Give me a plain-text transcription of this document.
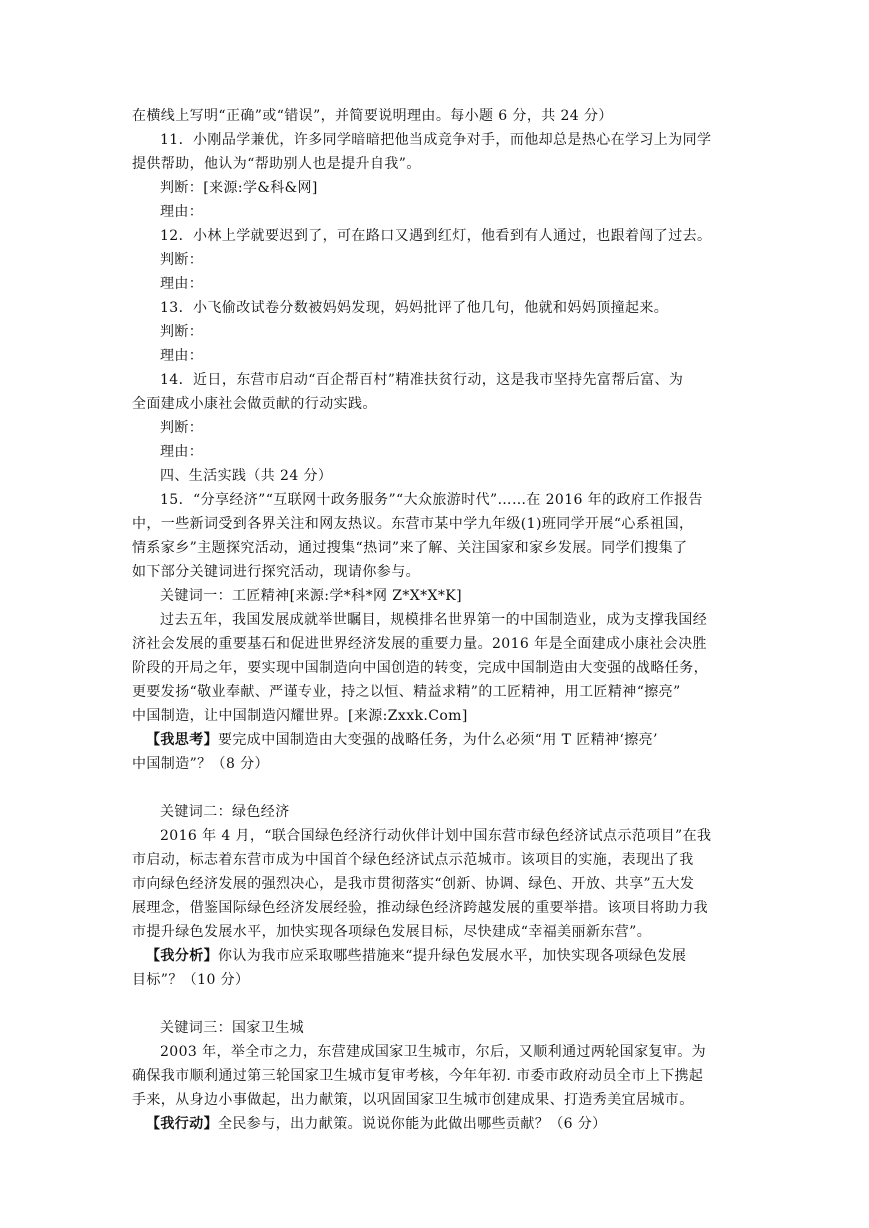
在横线上写明“正确”或“错误”，并简要说明理由。每小题 6 分，共 24 分）
11．小刚品学兼优，许多同学暗暗把他当成竞争对手，而他却总是热心在学习上为同学
提供帮助，他认为“帮助别人也是提升自我”。
判断：[来源:学&科&网]
理由：
12．小林上学就要迟到了，可在路口又遇到红灯，他看到有人通过，也跟着闯了过去。
判断：
理由：
13．小飞偷改试卷分数被妈妈发现，妈妈批评了他几句，他就和妈妈顶撞起来。
判断：
理由：
14．近日，东营市启动“百企帮百村”精准扶贫行动，这是我市坚持先富帮后富、为
全面建成小康社会做贡献的行动实践。
判断：
理由：
四、生活实践（共 24 分）
15．“分享经济”“互联网十政务服务”“大众旅游时代”……在 2016 年的政府工作报告
中，一些新词受到各界关注和网友热议。东营市某中学九年级(1)班同学开展“心系祖国，
情系家乡”主题探究活动，通过搜集“热词”来了解、关注国家和家乡发展。同学们搜集了
如下部分关键词进行探究活动，现请你参与。
关键词一：工匠精神[来源:学*科*网 Z*X*X*K]
过去五年，我国发展成就举世瞩目，规模排名世界第一的中国制造业，成为支撑我国经
济社会发展的重要基石和促进世界经济发展的重要力量。2016 年是全面建成小康社会决胜
阶段的开局之年，要实现中国制造向中国创造的转变，完成中国制造由大变强的战略任务，
更要发扬“敬业奉献、严谨专业，持之以恒、精益求精”的工匠精神，用工匠精神“擦亮”
中国制造，让中国制造闪耀世界。[来源:Zxxk.Com]
【我思考】要完成中国制造由大变强的战略任务，为什么必须“用 T 匠精神‘擦亮’
中国制造”？（8 分）
关键词二：绿色经济
2016 年 4 月，“联合国绿色经济行动伙伴计划中国东营市绿色经济试点示范项目”在我
市启动，标志着东营市成为中国首个绿色经济试点示范城市。该项目的实施，表现出了我
市向绿色经济发展的强烈决心，是我市贯彻落实“创新、协调、绿色、开放、共享”五大发
展理念，借鉴国际绿色经济发展经验，推动绿色经济跨越发展的重要举措。该项目将助力我
市提升绿色发展水平，加快实现各项绿色发展目标，尽快建成“幸福美丽新东营”。
【我分析】你认为我市应采取哪些措施来“提升绿色发展水平，加快实现各项绿色发展
目标”？（10 分）
关键词三：国家卫生城
2003 年，举全市之力，东营建成国家卫生城市，尔后，又顺利通过两轮国家复审。为
确保我市顺利通过第三轮国家卫生城市复审考核，今年年初. 市委市政府动员全市上下携起
手来，从身边小事做起，出力献策，以巩固国家卫生城市创建成果、打造秀美宜居城市。
【我行动】全民参与，出力献策。说说你能为此做出哪些贡献？（6 分）
